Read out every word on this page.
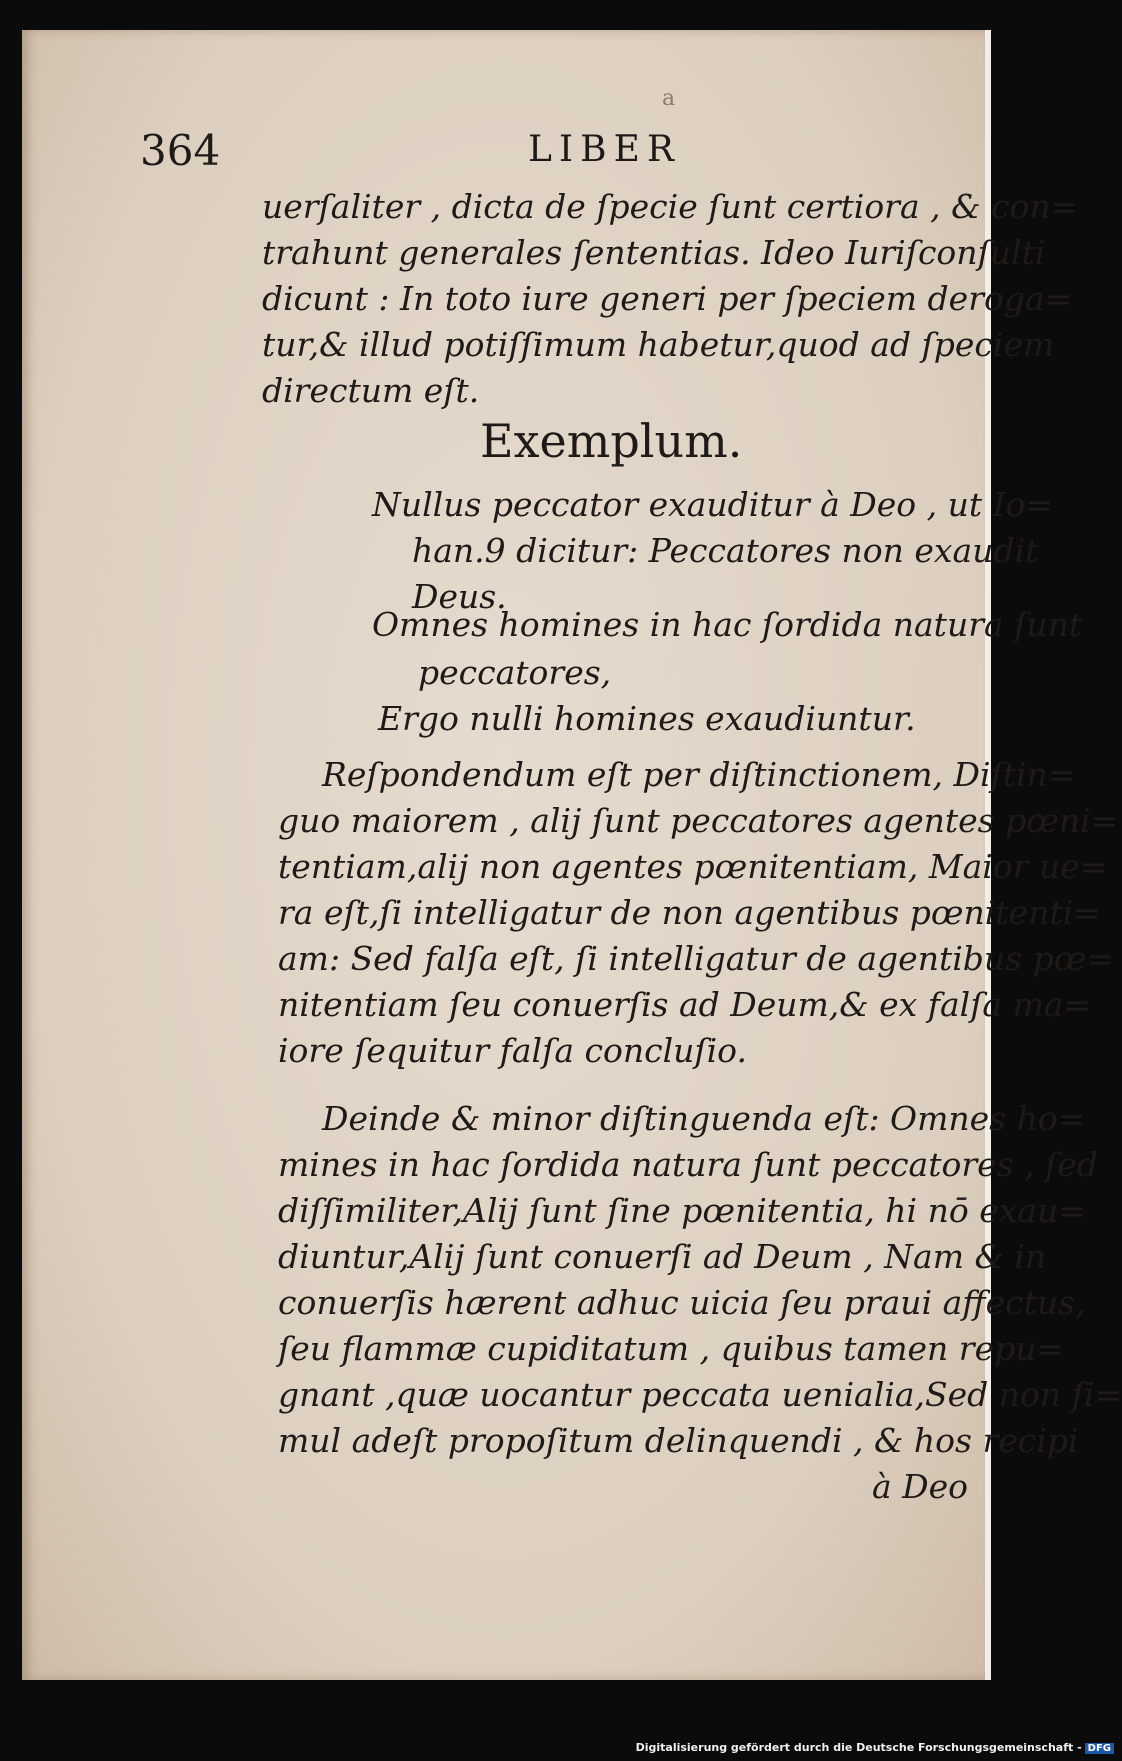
a
364	LIBER
uerſaliter , dicta de ſpecie ſunt certiora , & con=
trahunt generales ſententias. Ideo Iuriſconſulti
dicunt : In toto iure generi per ſpeciem deroga=
tur,& illud potiſſimum habetur,quod ad ſpeciem
directum eſt.
Exemplum.
Nullus peccator exauditur à Deo , ut Io=
han.9 dicitur: Peccatores non exaudit
Deus.
Omnes homines in hac ſordida natura ſunt
peccatores,
Ergo nulli homines exaudiuntur.
Reſpondendum eſt per diſtinctionem, Diſtin=
guo maiorem , alij ſunt peccatores agentes pœni=
tentiam,alij non agentes pœnitentiam, Maior ue=
ra eſt,ſi intelligatur de non agentibus pœnitenti=
am: Sed falſa eſt, ſi intelligatur de agentibus pœ=
nitentiam ſeu conuerſis ad Deum,& ex falſa ma=
iore ſequitur falſa concluſio.
Deinde & minor diſtinguenda eſt: Omnes ho=
mines in hac ſordida natura ſunt peccatores , ſed
diſſimiliter,Alij ſunt ſine pœnitentia, hi nō exau=
diuntur,Alij ſunt conuerſi ad Deum , Nam & in
conuerſis hærent adhuc uicia ſeu praui affectus,
ſeu flammæ cupiditatum , quibus tamen repu=
gnant ,quæ uocantur peccata uenialia,Sed non ſi=
mul adeſt propoſitum delinquendi , & hos recipi
à Deo
Digitalisierung gefördert durch die Deutsche Forschungsgemeinschaft - DFG
